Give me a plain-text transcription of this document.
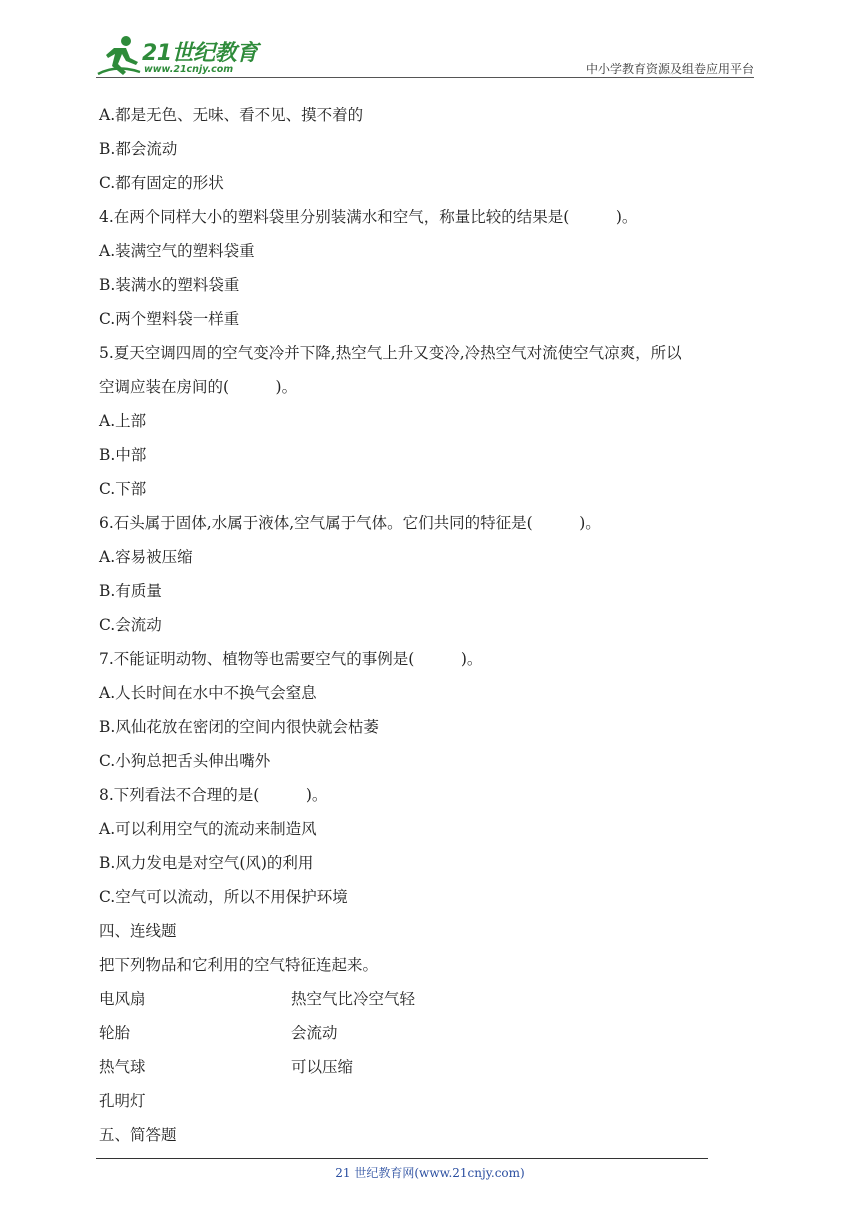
21世纪教育
www.21cnjy.com	中小学教育资源及组卷应用平台
A.都是无色、无味、看不见、摸不着的
B.都会流动
C.都有固定的形状
4.在两个同样大小的塑料袋里分别装满水和空气，称量比较的结果是(　　　)。
A.装满空气的塑料袋重
B.装满水的塑料袋重
C.两个塑料袋一样重
5.夏天空调四周的空气变冷并下降,热空气上升又变冷,冷热空气对流使空气凉爽，所以
空调应装在房间的(　　　)。
A.上部
B.中部
C.下部
6.石头属于固体,水属于液体,空气属于气体。它们共同的特征是(　　　)。
A.容易被压缩
B.有质量
C.会流动
7.不能证明动物、植物等也需要空气的事例是(　　　)。
A.人长时间在水中不换气会窒息
B.风仙花放在密闭的空间内很快就会枯萎
C.小狗总把舌头伸出嘴外
8.下列看法不合理的是(　　　)。
A.可以利用空气的流动来制造风
B.风力发电是对空气(风)的利用
C.空气可以流动，所以不用保护环境
四、连线题
把下列物品和它利用的空气特征连起来。
电风扇	热空气比冷空气轻
轮胎	会流动
热气球	可以压缩
孔明灯
五、简答题
21 世纪教育网(www.21cnjy.com)
